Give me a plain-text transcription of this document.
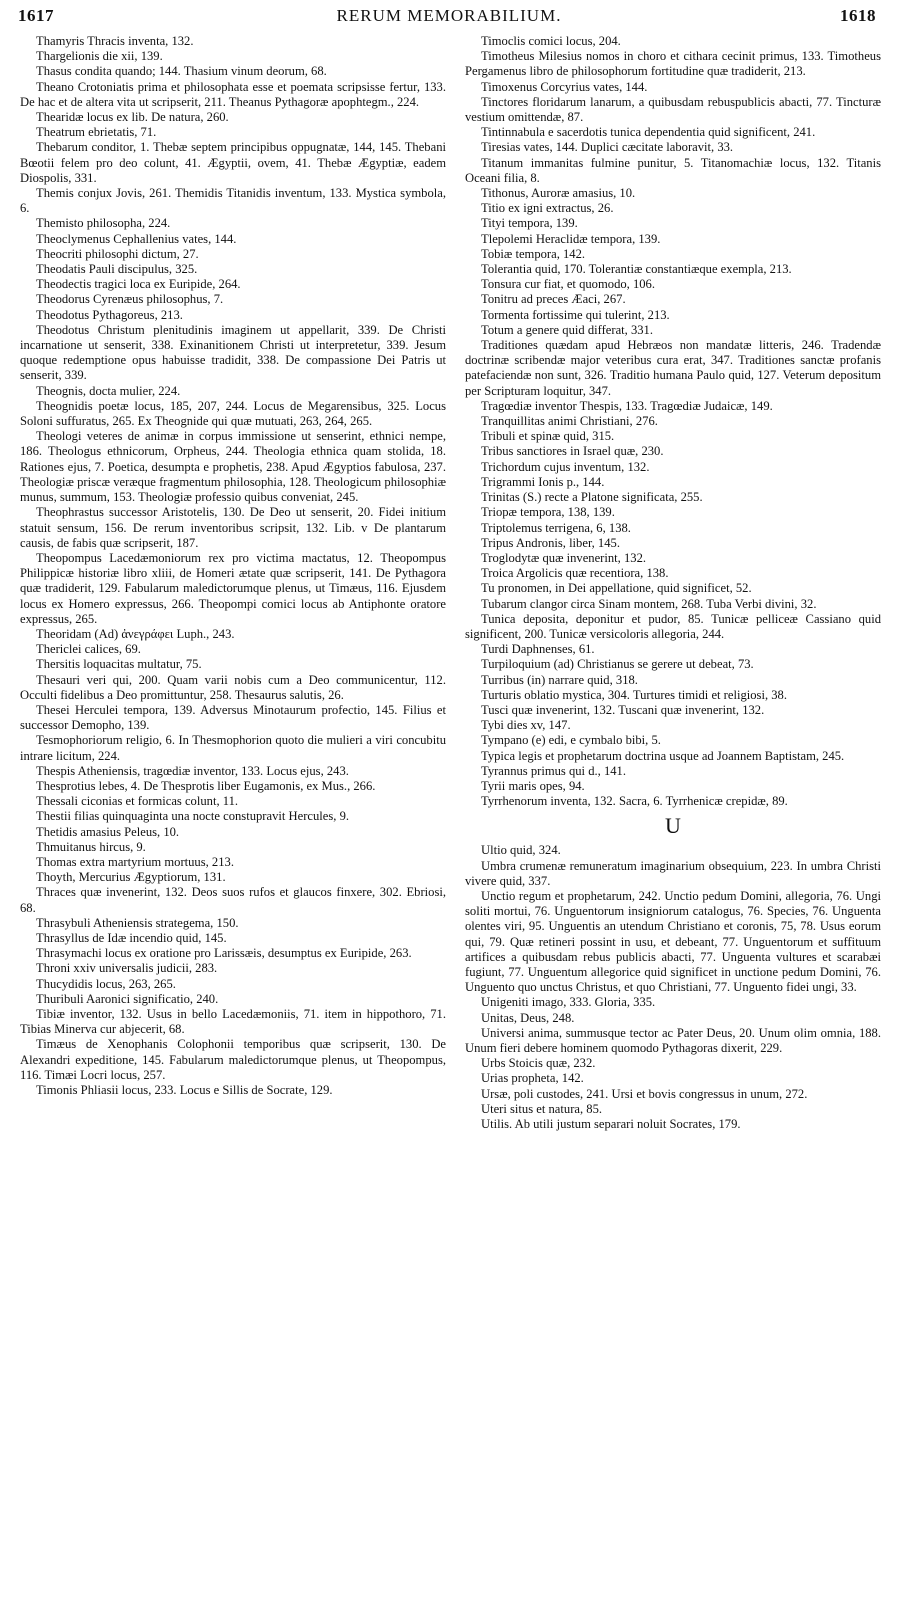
1617	RERUM MEMORABILIUM.	1618

Thamyris Thracis inventa, 132.

Thargelionis die xii, 139.

Thasus condita quando; 144. Thasium vinum deorum, 68.

Theano Crotoniatis prima et philosophata esse et poemata scripsisse fertur, 133. De hac et de altera vita ut scripserit, 211. Theanus Pythagoræ apophtegm., 224.

Thearidæ locus ex lib. De natura, 260.

Theatrum ebrietatis, 71.

Thebarum conditor, 1. Thebæ septem principibus oppugnatæ, 144, 145. Thebani Bœotii felem pro deo colunt, 41. Ægyptii, ovem, 41. Thebæ Ægyptiæ, eadem Diospolis, 331.

Themis conjux Jovis, 261. Themidis Titanidis inventum, 133. Mystica symbola, 6.

Themisto philosopha, 224.

Theoclymenus Cephallenius vates, 144.

Theocriti philosophi dictum, 27.

Theodatis Pauli discipulus, 325.

Theodectis tragici loca ex Euripide, 264.

Theodorus Cyrenæus philosophus, 7.

Theodotus Pythagoreus, 213.

Theodotus Christum plenitudinis imaginem ut appellarit, 339. De Christi incarnatione ut senserit, 338. Exinanitionem Christi ut interpretetur, 339. Jesum quoque redemptione opus habuisse tradidit, 338. De compassione Dei Patris ut senserit, 339.

Theognis, docta mulier, 224.

Theognidis poetæ locus, 185, 207, 244. Locus de Megarensibus, 325. Locus Soloni suffuratus, 265. Ex Theognide qui quæ mutuati, 263, 264, 265.

Theologi veteres de animæ in corpus immissione ut senserint, ethnici nempe, 186. Theologus ethnicorum, Orpheus, 244. Theologia ethnica quam stolida, 18. Rationes ejus, 7. Poetica, desumpta e prophetis, 238. Apud Ægyptios fabulosa, 237. Theologiæ priscæ veræque fragmentum philosophia, 128. Theologicum philosophiæ munus, summum, 153. Theologiæ professio quibus conveniat, 245.

Theophrastus successor Aristotelis, 130. De Deo ut senserit, 20. Fidei initium statuit sensum, 156. De rerum inventoribus scripsit, 132. Lib. v De plantarum causis, de fabis quæ scripserit, 187.

Theopompus Lacedæmoniorum rex pro victima mactatus, 12. Theopompus Philippicæ historiæ libro xliii, de Homeri ætate quæ scripserit, 141. De Pythagora quæ tradiderit, 129. Fabularum maledictorumque plenus, ut Timæus, 116. Ejusdem locus ex Homero expressus, 266. Theopompi comici locus ab Antiphonte oratore expressus, 265.

Theoridam (Ad) ἀνεγράφει Luph., 243.

Thericlei calices, 69.

Thersitis loquacitas multatur, 75.

Thesauri veri qui, 200. Quam varii nobis cum a Deo communicentur, 112. Occulti fidelibus a Deo promittuntur, 258. Thesaurus salutis, 26.

Thesei Herculei tempora, 139. Adversus Minotaurum profectio, 145. Filius et successor Demopho, 139.

Tesmophoriorum religio, 6. In Thesmophorion quoto die mulieri a viri concubitu intrare licitum, 224.

Thespis Atheniensis, tragœdiæ inventor, 133. Locus ejus, 243.

Thesprotius lebes, 4. De Thesprotis liber Eugamonis, ex Mus., 266.

Thessali ciconias et formicas colunt, 11.

Thestii filias quinquaginta una nocte constupravit Hercules, 9.

Thetidis amasius Peleus, 10.

Thmuitanus hircus, 9.

Thomas extra martyrium mortuus, 213.

Thoyth, Mercurius Ægyptiorum, 131.

Thraces quæ invenerint, 132. Deos suos rufos et glaucos finxere, 302. Ebriosi, 68.

Thrasybuli Atheniensis strategema, 150.

Thrasyllus de Idæ incendio quid, 145.

Thrasymachi locus ex oratione pro Larissæis, desumptus ex Euripide, 263.

Throni xxiv universalis judicii, 283.

Thucydidis locus, 263, 265.

Thuribuli Aaronici significatio, 240.

Tibiæ inventor, 132. Usus in bello Lacedæmoniis, 71. item in hippothoro, 71. Tibias Minerva cur abjecerit, 68.

Timæus de Xenophanis Colophonii temporibus quæ scripserit, 130. De Alexandri expeditione, 145. Fabularum maledictorumque plenus, ut Theopompus, 116. Timæi Locri locus, 257.

Timonis Phliasii locus, 233. Locus e Sillis de Socrate, 129.

Timoclis comici locus, 204.

Timotheus Milesius nomos in choro et cithara cecinit primus, 133. Timotheus Pergamenus libro de philosophorum fortitudine quæ tradiderit, 213.

Timoxenus Corcyrius vates, 144.

Tinctores floridarum lanarum, a quibusdam rebuspublicis abacti, 77. Tincturæ vestium omittendæ, 87.

Tintinnabula e sacerdotis tunica dependentia quid significent, 241.

Tiresias vates, 144. Duplici cæcitate laboravit, 33.

Titanum immanitas fulmine punitur, 5. Titanomachiæ locus, 132. Titanis Oceani filia, 8.

Tithonus, Auroræ amasius, 10.

Titio ex igni extractus, 26.

Tityi tempora, 139.

Tlepolemi Heraclidæ tempora, 139.

Tobiæ tempora, 142.

Tolerantia quid, 170. Tolerantiæ constantiæque exempla, 213.

Tonsura cur fiat, et quomodo, 106.

Tonitru ad preces Æaci, 267.

Tormenta fortissime qui tulerint, 213.

Totum a genere quid differat, 331.

Traditiones quædam apud Hebræos non mandatæ litteris, 246. Tradendæ doctrinæ scribendæ major veteribus cura erat, 347. Traditiones sanctæ profanis patefaciendæ non sunt, 326. Traditio humana Paulo quid, 127. Veterum depositum per Scripturam loquitur, 347.

Tragœdiæ inventor Thespis, 133. Tragœdiæ Judaicæ, 149.

Tranquillitas animi Christiani, 276.

Tribuli et spinæ quid, 315.

Tribus sanctiores in Israel quæ, 230.

Trichordum cujus inventum, 132.

Trigrammi Ionis p., 144.

Trinitas (S.) recte a Platone significata, 255.

Triopæ tempora, 138, 139.

Triptolemus terrigena, 6, 138.

Tripus Andronis, liber, 145.

Troglodytæ quæ invenerint, 132.

Troica Argolicis quæ recentiora, 138.

Tu pronomen, in Dei appellatione, quid significet, 52.

Tubarum clangor circa Sinam montem, 268. Tuba Verbi divini, 32.

Tunica deposita, deponitur et pudor, 85. Tunicæ pelliceæ Cassiano quid significent, 200. Tunicæ versicoloris allegoria, 244.

Turdi Daphnenses, 61.

Turpiloquium (ad) Christianus se gerere ut debeat, 73.

Turribus (in) narrare quid, 318.

Turturis oblatio mystica, 304. Turtures timidi et religiosi, 38.

Tusci quæ invenerint, 132. Tuscani quæ invenerint, 132.

Tybi dies xv, 147.

Tympano (e) edi, e cymbalo bibi, 5.

Typica legis et prophetarum doctrina usque ad Joannem Baptistam, 245.

Tyrannus primus qui d., 141.

Tyrii maris opes, 94.

Tyrrhenorum inventa, 132. Sacra, 6. Tyrrhenicæ crepidæ, 89.

U

Ultio quid, 324.

Umbra crumenæ remuneratum imaginarium obsequium, 223. In umbra Christi vivere quid, 337.

Unctio regum et prophetarum, 242. Unctio pedum Domini, allegoria, 76. Ungi soliti mortui, 76. Unguentorum insigniorum catalogus, 76. Species, 76. Unguenta olentes viri, 95. Unguentis an utendum Christiano et coronis, 75, 78. Usus eorum qui, 79. Quæ retineri possint in usu, et debeant, 77. Unguentorum et suffituum artifices a quibusdam rebus publicis abacti, 77. Unguenta vultures et scarabæi fugiunt, 77. Unguentum allegorice quid significet in unctione pedum Domini, 76. Unguento quo unctus Christus, et quo Christiani, 77. Unguento fidei ungi, 33.

Unigeniti imago, 333. Gloria, 335.

Unitas, Deus, 248.

Universi anima, summusque tector ac Pater Deus, 20. Unum olim omnia, 188. Unum fieri debere hominem quomodo Pythagoras dixerit, 229.

Urbs Stoicis quæ, 232.

Urias propheta, 142.

Ursæ, poli custodes, 241. Ursi et bovis congressus in unum, 272.

Uteri situs et natura, 85.

Utilis. Ab utili justum separari noluit Socrates, 179.
